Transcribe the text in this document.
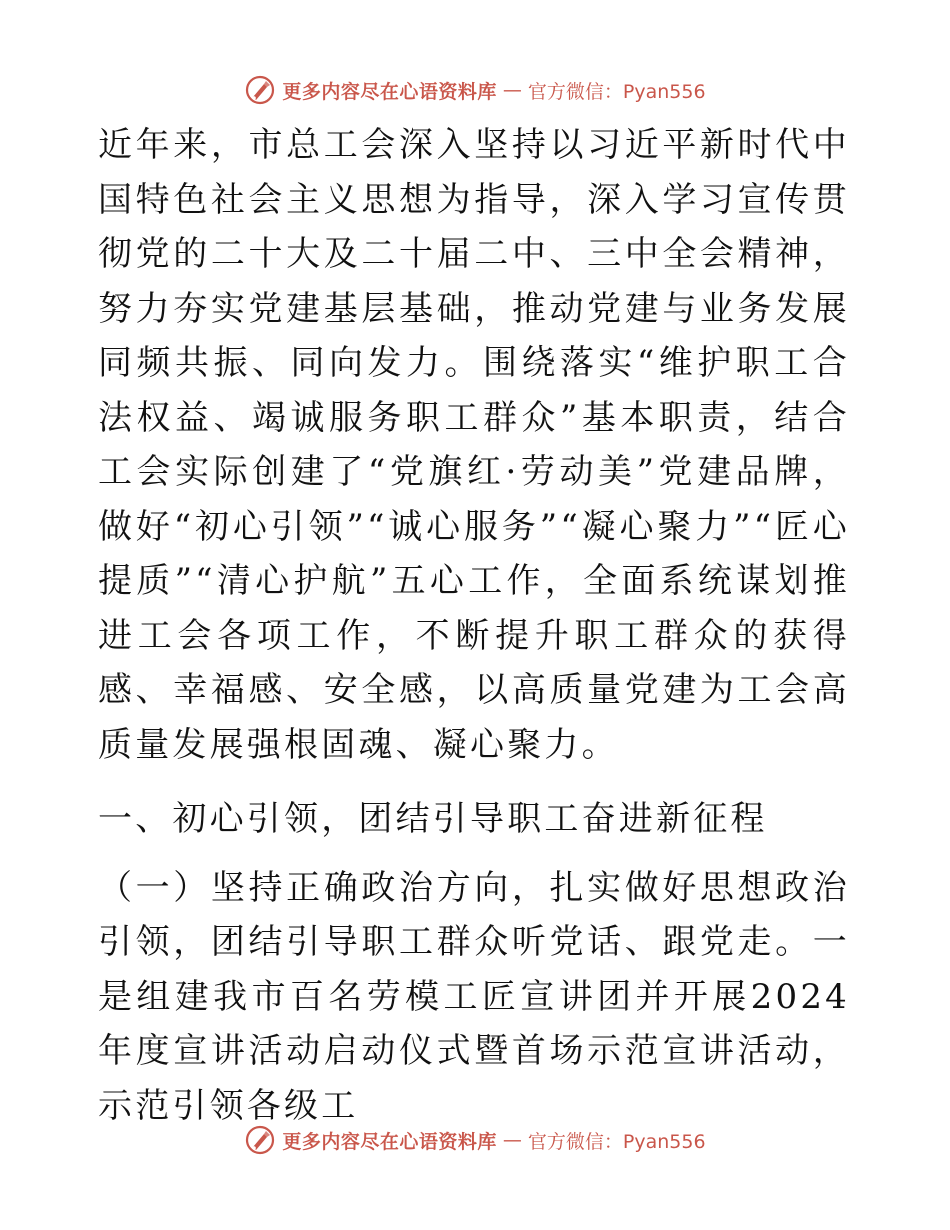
更多内容尽在心语资料库 — 官方微信：Pyan556

近年来，市总工会深入坚持以习近平新时代中国特色社会主义思想为指导，深入学习宣传贯彻党的二十大及二十届二中、三中全会精神，努力夯实党建基层基础，推动党建与业务发展同频共振、同向发力。围绕落实“维护职工合法权益、竭诚服务职工群众”基本职责，结合工会实际创建了“党旗红·劳动美”党建品牌，做好“初心引领”“诚心服务”“凝心聚力”“匠心提质”“清心护航”五心工作，全面系统谋划推进工会各项工作，不断提升职工群众的获得感、幸福感、安全感，以高质量党建为工会高质量发展强根固魂、凝心聚力。

一、初心引领，团结引导职工奋进新征程

（一）坚持正确政治方向，扎实做好思想政治引领，团结引导职工群众听党话、跟党走。一是组建我市百名劳模工匠宣讲团并开展2024年度宣讲活动启动仪式暨首场示范宣讲活动，示范引领各级工

更多内容尽在心语资料库 — 官方微信：Pyan556
